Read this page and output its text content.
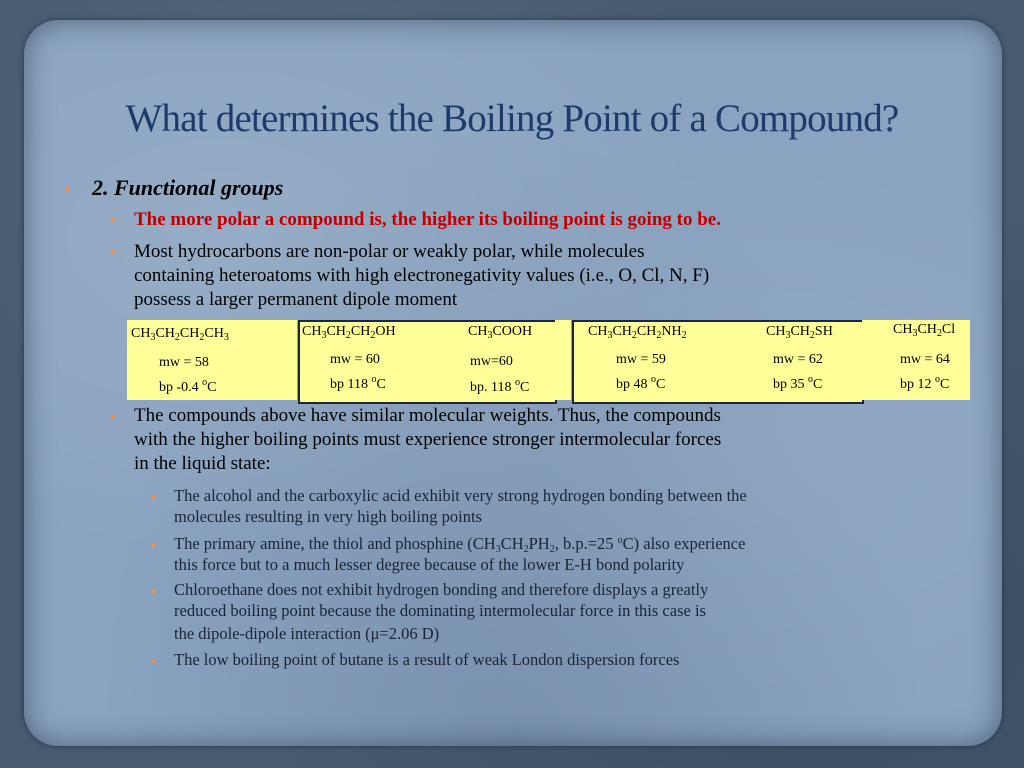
What determines the Boiling Point of a Compound?
● 2. Functional groups
● The more polar a compound is, the higher its boiling point is going to be.
● Most hydrocarbons are non-polar or weakly polar, while molecules
containing heteroatoms with high electronegativity values (i.e., O, Cl, N, F)
possess a larger permanent dipole moment
$CH_3CH_2CH_2CH_3$
mw = 58
bp -0.4 $^o$C
$CH_3CH_2CH_2OH$
mw = 60
bp 118 $^o$C
$CH_3COOH$
mw=60
bp. 118 $^o$C
$CH_3CH_2CH_2NH_2$
mw = 59
bp 48 $^o$C
$CH_3CH_2SH$
mw = 62
bp 35 $^o$C
$CH_3CH_2Cl$
mw = 64
bp 12 $^o$C
● The compounds above have similar molecular weights. Thus, the compounds
with the higher boiling points must experience stronger intermolecular forces
in the liquid state:
● The alcohol and the carboxylic acid exhibit very strong hydrogen bonding between the
molecules resulting in very high boiling points
● The primary amine, the thiol and phosphine ($CH_3CH_2PH_2$, b.p.=25 $^o$C) also experience
this force but to a much lesser degree because of the lower E-H bond polarity
● Chloroethane does not exhibit hydrogen bonding and therefore displays a greatly
reduced boiling point because the dominating intermolecular force in this case is
the dipole-dipole interaction (μ=2.06 D)
● The low boiling point of butane is a result of weak London dispersion forces
